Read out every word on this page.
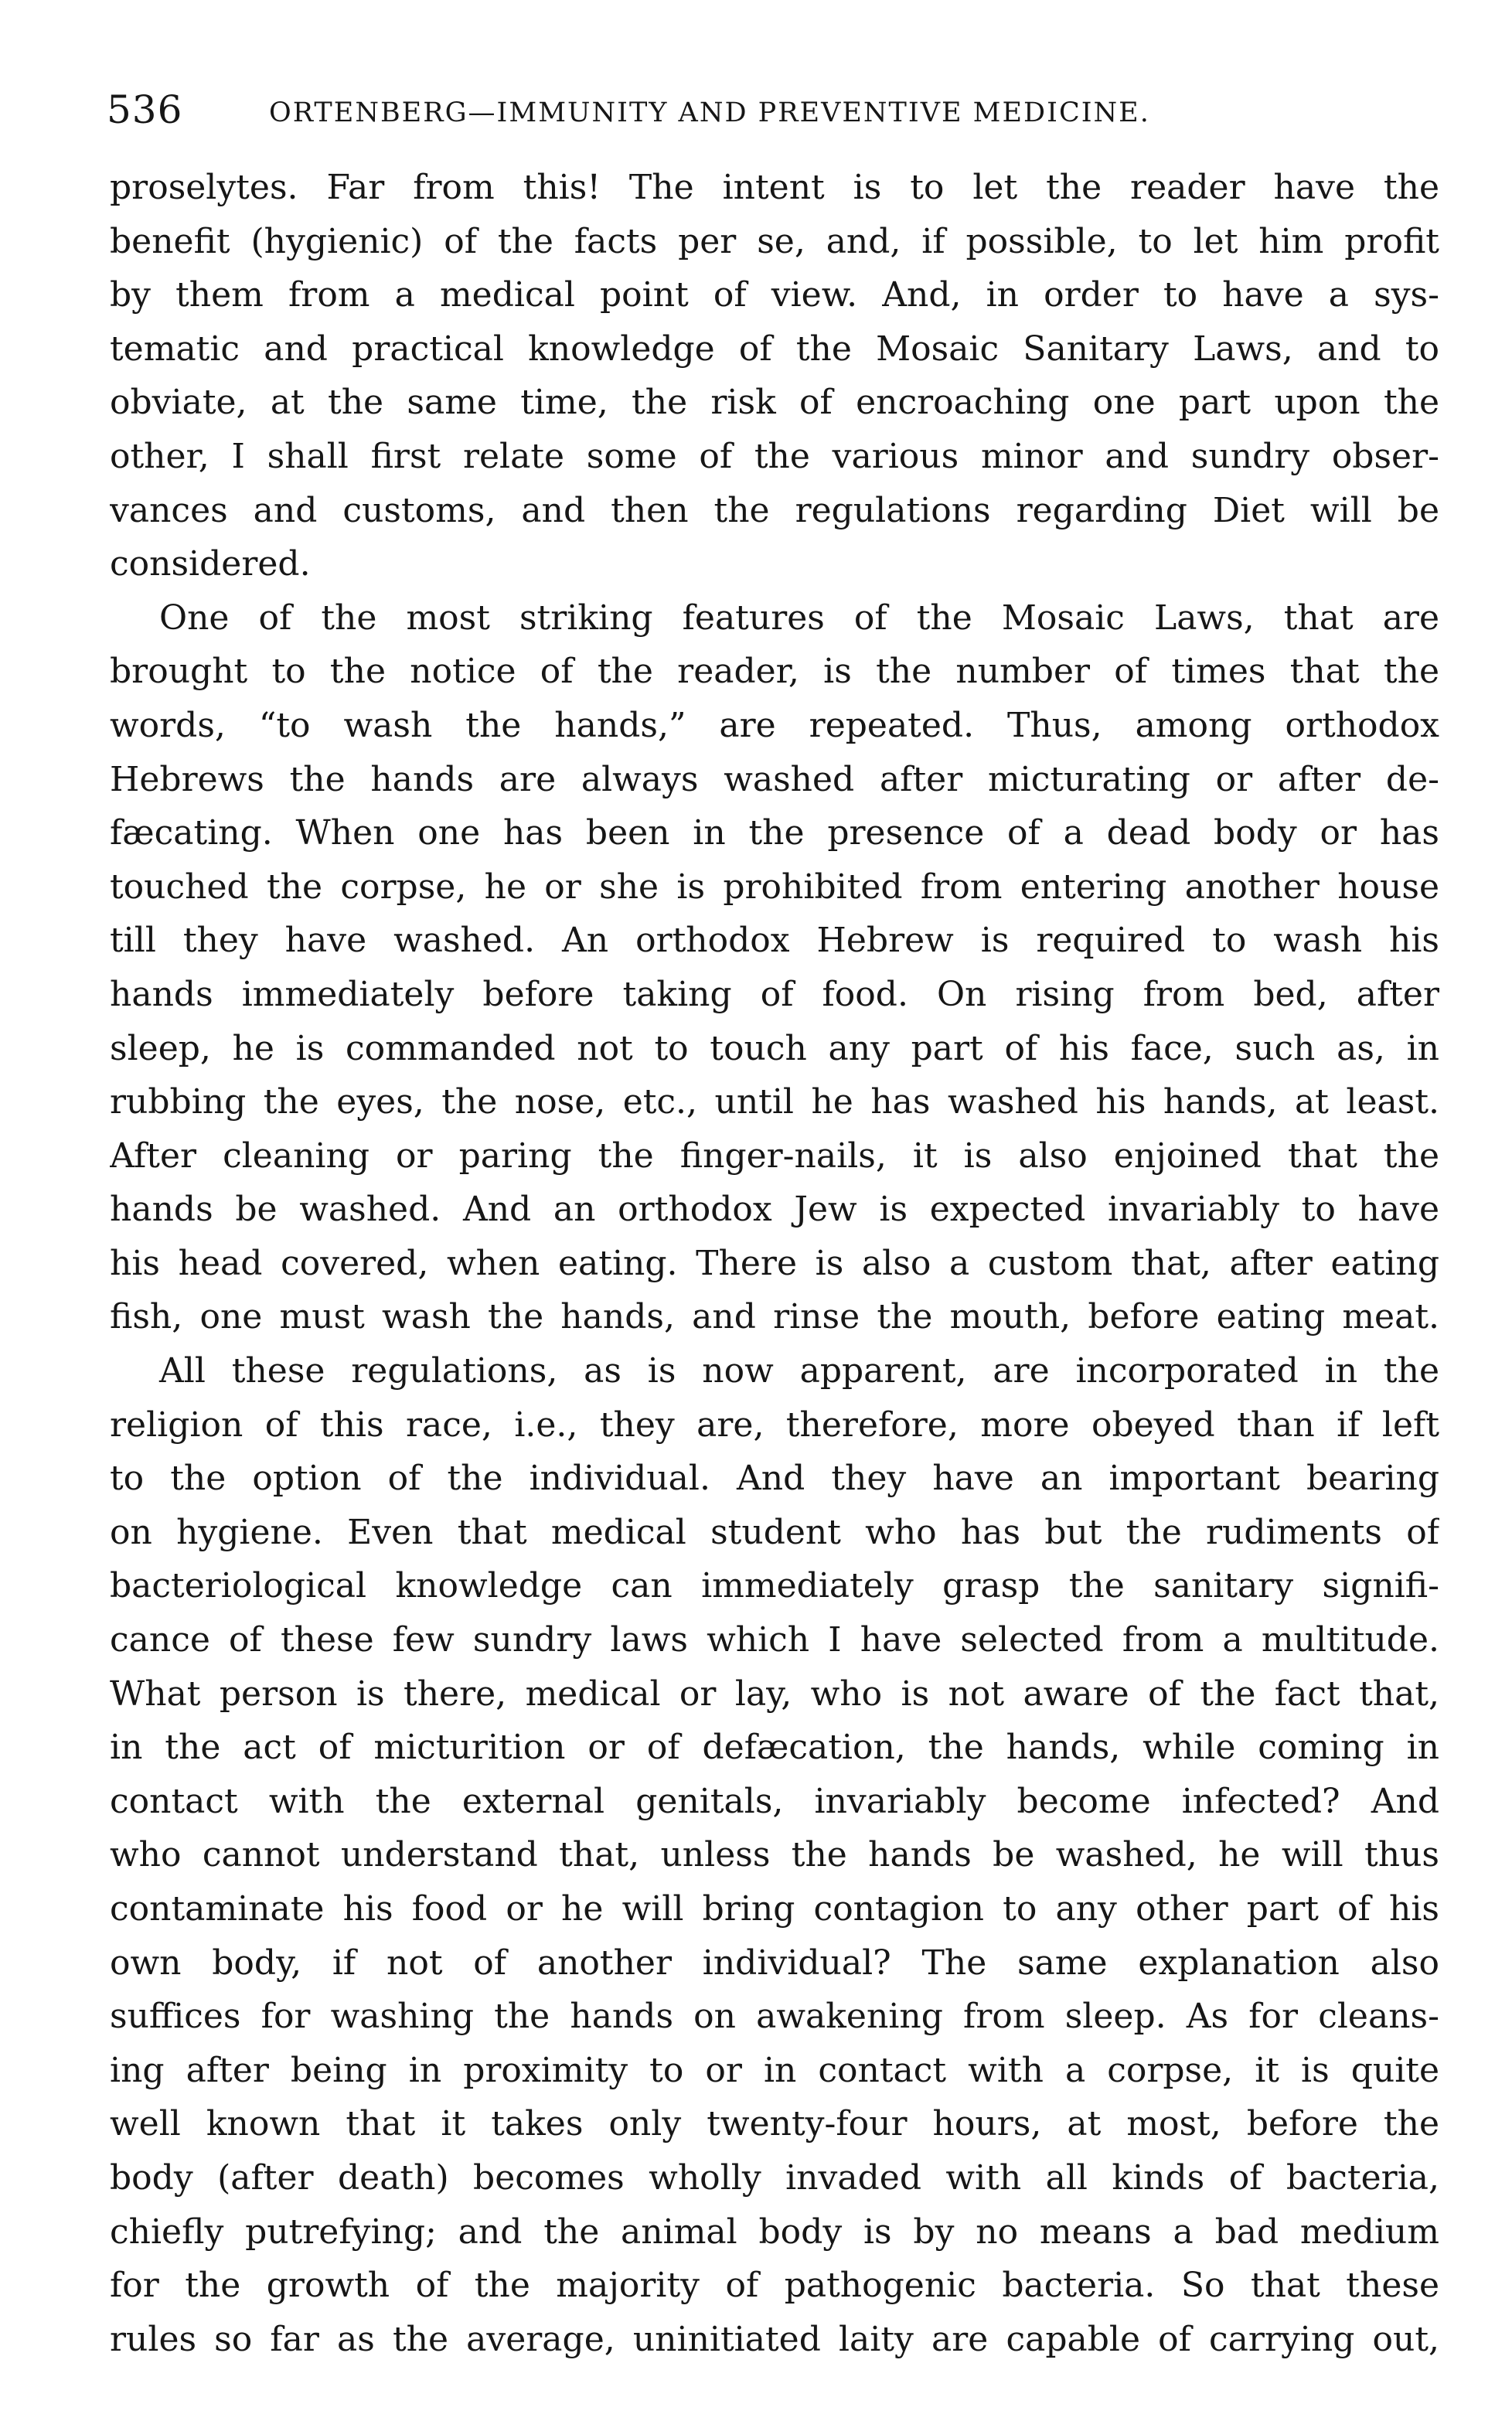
536	ORTENBERG—IMMUNITY AND PREVENTIVE MEDICINE.
proselytes. Far from this! The intent is to let the reader have the
benefit (hygienic) of the facts per se, and, if possible, to let him profit
by them from a medical point of view. And, in order to have a sys-
tematic and practical knowledge of the Mosaic Sanitary Laws, and to
obviate, at the same time, the risk of encroaching one part upon the
other, I shall first relate some of the various minor and sundry obser-
vances and customs, and then the regulations regarding Diet will be
considered.
One of the most striking features of the Mosaic Laws, that are
brought to the notice of the reader, is the number of times that the
words, “to wash the hands,” are repeated. Thus, among orthodox
Hebrews the hands are always washed after micturating or after de-
fæcating. When one has been in the presence of a dead body or has
touched the corpse, he or she is prohibited from entering another house
till they have washed. An orthodox Hebrew is required to wash his
hands immediately before taking of food. On rising from bed, after
sleep, he is commanded not to touch any part of his face, such as, in
rubbing the eyes, the nose, etc., until he has washed his hands, at least.
After cleaning or paring the finger-nails, it is also enjoined that the
hands be washed. And an orthodox Jew is expected invariably to have
his head covered, when eating. There is also a custom that, after eating
fish, one must wash the hands, and rinse the mouth, before eating meat.
All these regulations, as is now apparent, are incorporated in the
religion of this race, i.e., they are, therefore, more obeyed than if left
to the option of the individual. And they have an important bearing
on hygiene. Even that medical student who has but the rudiments of
bacteriological knowledge can immediately grasp the sanitary signifi-
cance of these few sundry laws which I have selected from a multitude.
What person is there, medical or lay, who is not aware of the fact that,
in the act of micturition or of defæcation, the hands, while coming in
contact with the external genitals, invariably become infected? And
who cannot understand that, unless the hands be washed, he will thus
contaminate his food or he will bring contagion to any other part of his
own body, if not of another individual? The same explanation also
suffices for washing the hands on awakening from sleep. As for cleans-
ing after being in proximity to or in contact with a corpse, it is quite
well known that it takes only twenty-four hours, at most, before the
body (after death) becomes wholly invaded with all kinds of bacteria,
chiefly putrefying; and the animal body is by no means a bad medium
for the growth of the majority of pathogenic bacteria. So that these
rules so far as the average, uninitiated laity are capable of carrying out,
